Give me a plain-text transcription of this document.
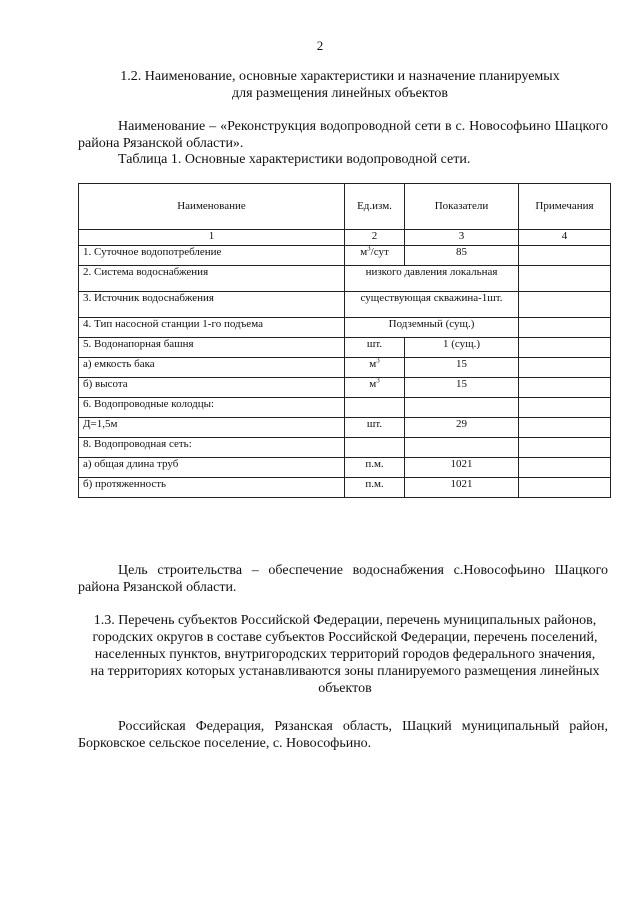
2
1.2. Наименование, основные характеристики и назначение планируемых
для размещения линейных объектов
Наименование – «Реконструкция водопроводной сети в с. Новософьино Шацкого района Рязанской области».
Таблица 1. Основные характеристики водопроводной сети.
Наименование	Ед.изм.	Показатели	Примечания
1	2	3	4
1. Суточное водопотребление	$м^3$/сут	85	
2. Система водоснабжения	низкого давления локальная		
3. Источник водоснабжения	существующая скважина-1шт.		
4. Тип насосной станции 1-го подъема	Подземный (сущ.)		
5. Водонапорная башня	шт.	1 (сущ.)	
а) емкость бака	$м^3$	15	
б) высота	$м^3$	15	
6. Водопроводные колодцы:			
Д=1,5м	шт.	29	
8. Водопроводная сеть:			
а) общая длина труб	п.м.	1021	
б) протяженность	п.м.	1021	
Цель строительства – обеспечение водоснабжения с.Новософьино Шацкого района Рязанской области.
1.3. Перечень субъектов Российской Федерации, перечень муниципальных районов, городских округов в составе субъектов Российской Федерации, перечень поселений, населенных пунктов, внутригородских территорий городов федерального значения, на территориях которых устанавливаются зоны планируемого размещения линейных объектов
Российская Федерация, Рязанская область, Шацкий муниципальный район, Борковское сельское поселение, с. Новософьино.
